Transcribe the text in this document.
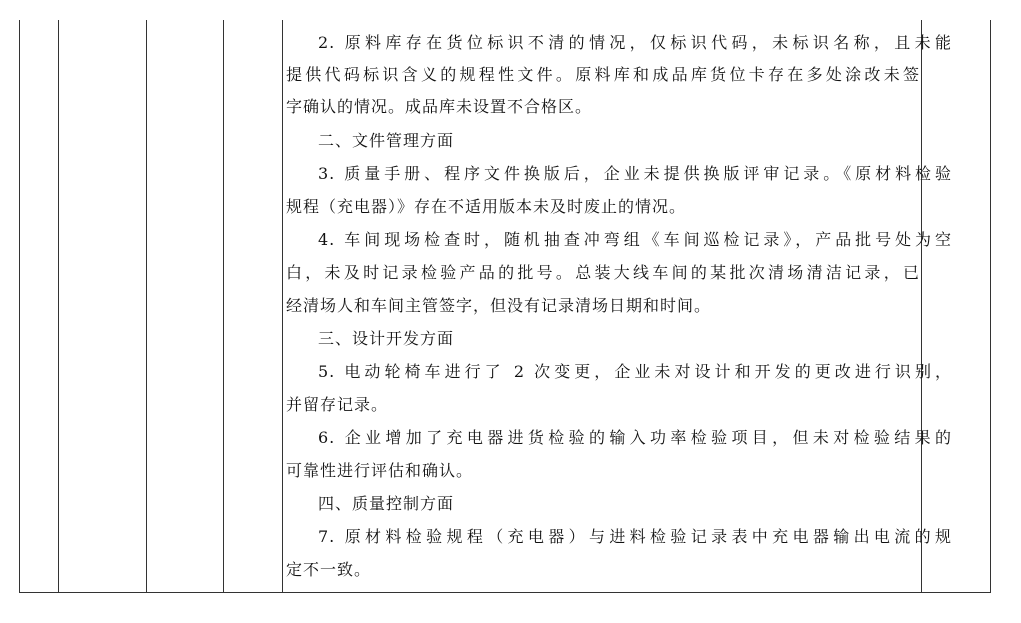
2. 原料库存在货位标识不清的情况，仅标识代码，未标识名称，且未能
提供代码标识含义的规程性文件。原料库和成品库货位卡存在多处涂改未签
字确认的情况。成品库未设置不合格区。
二、文件管理方面
3. 质量手册、程序文件换版后，企业未提供换版评审记录。《原材料检验
规程（充电器）》存在不适用版本未及时废止的情况。
4. 车间现场检查时，随机抽查冲弯组《车间巡检记录》，产品批号处为空
白，未及时记录检验产品的批号。总装大线车间的某批次清场清洁记录，已
经清场人和车间主管签字，但没有记录清场日期和时间。
三、设计开发方面
5. 电动轮椅车进行了 2 次变更，企业未对设计和开发的更改进行识别，
并留存记录。
6. 企业增加了充电器进货检验的输入功率检验项目，但未对检验结果的
可靠性进行评估和确认。
四、质量控制方面
7. 原材料检验规程（充电器）与进料检验记录表中充电器输出电流的规
定不一致。
